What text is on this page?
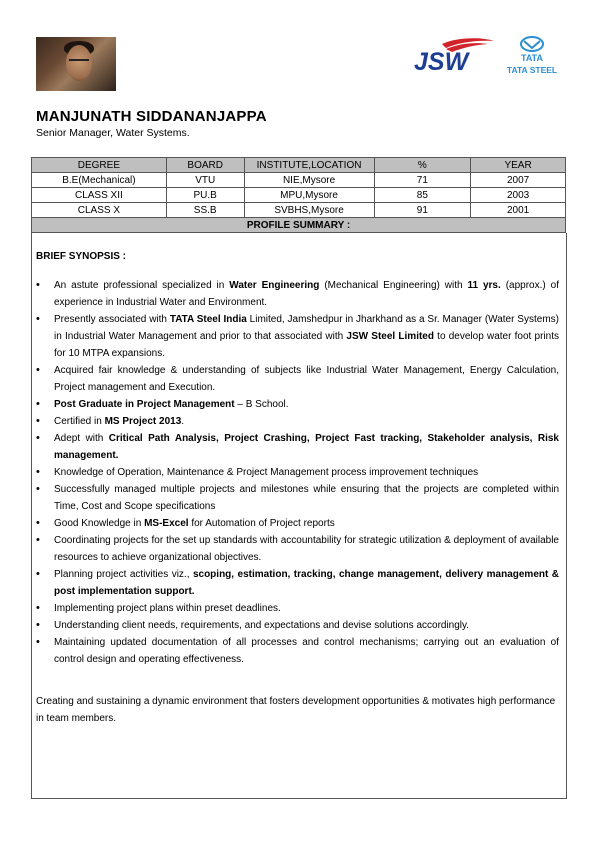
JSW	TATA
TATA STEEL
MANJUNATH SIDDANANJAPPA
Senior Manager, Water Systems.
DEGREE	BOARD	INSTITUTE,LOCATION	%	YEAR
B.E(Mechanical)	VTU	NIE,Mysore	71	2007
CLASS XII	PU.B	MPU,Mysore	85	2003
CLASS X	SS.B	SVBHS,Mysore	91	2001
PROFILE SUMMARY :				
BRIEF SYNOPSIS :
• An astute professional specialized in Water Engineering (Mechanical Engineering) with 11 yrs. (approx.) of experience in Industrial Water and Environment.
• Presently associated with TATA Steel India Limited, Jamshedpur in Jharkhand as a Sr. Manager (Water Systems) in Industrial Water Management and prior to that associated with JSW Steel Limited to develop water foot prints for 10 MTPA expansions.
• Acquired fair knowledge & understanding of subjects like Industrial Water Management, Energy Calculation, Project management and Execution.
• Post Graduate in Project Management – B School.
• Certified in MS Project 2013.
• Adept with Critical Path Analysis, Project Crashing, Project Fast tracking, Stakeholder analysis, Risk management.
• Knowledge of Operation, Maintenance & Project Management process improvement techniques
• Successfully managed multiple projects and milestones while ensuring that the projects are completed within Time, Cost and Scope specifications
• Good Knowledge in MS-Excel for Automation of Project reports
• Coordinating projects for the set up standards with accountability for strategic utilization & deployment of available resources to achieve organizational objectives.
• Planning project activities viz., scoping, estimation, tracking, change management, delivery management & post implementation support.
• Implementing project plans within preset deadlines.
• Understanding client needs, requirements, and expectations and devise solutions accordingly.
• Maintaining updated documentation of all processes and control mechanisms; carrying out an evaluation of control design and operating effectiveness.
Creating and sustaining a dynamic environment that fosters development opportunities & motivates high performance in team members.
